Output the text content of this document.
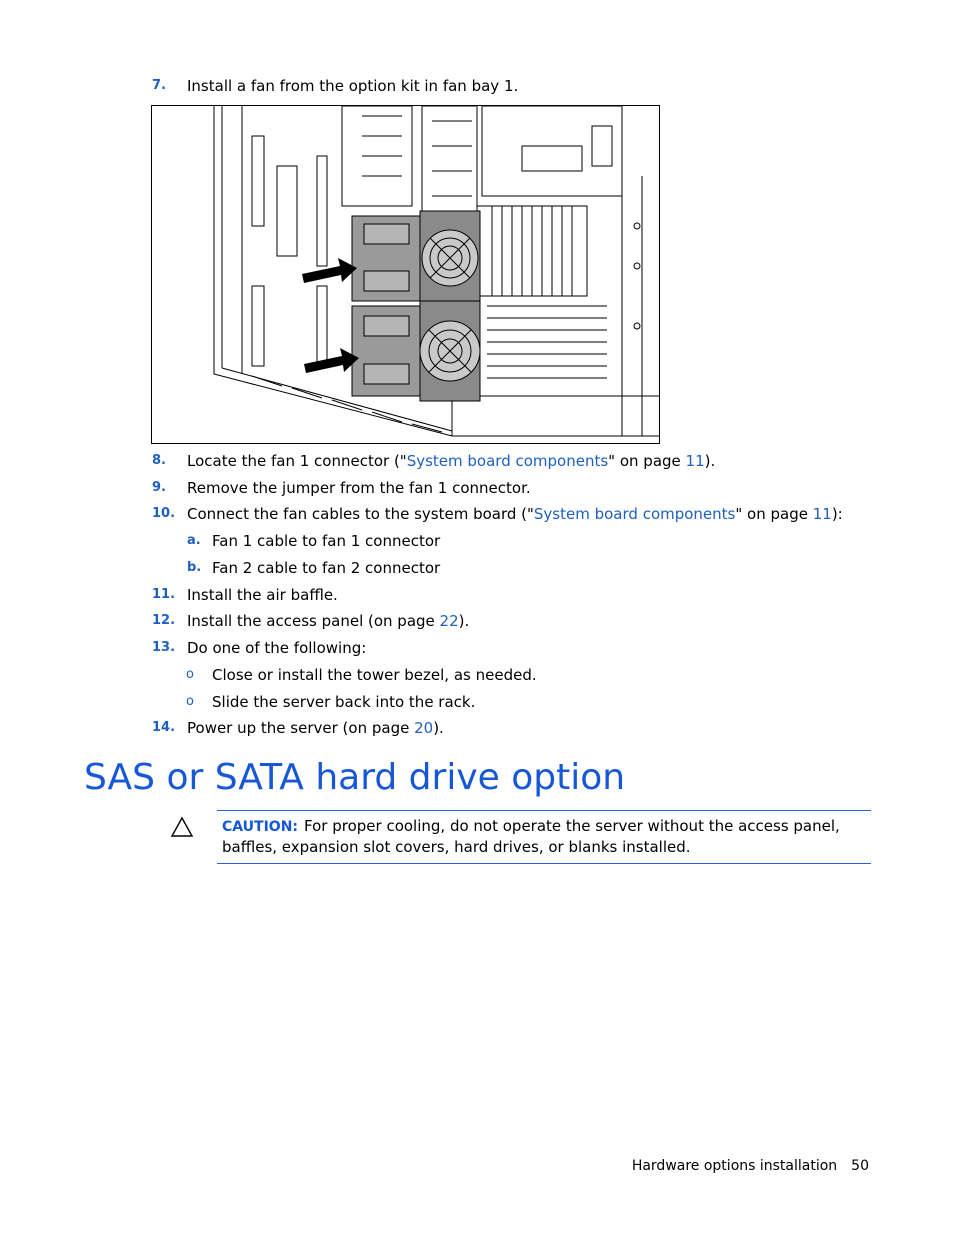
7. Install a fan from the option kit in fan bay 1.
8. Locate the fan 1 connector ("System board components" on page 11).
9. Remove the jumper from the fan 1 connector.
10. Connect the fan cables to the system board ("System board components" on page 11):
a. Fan 1 cable to fan 1 connector
b. Fan 2 cable to fan 2 connector
11. Install the air baffle.
12. Install the access panel (on page 22).
13. Do one of the following:
o Close or install the tower bezel, as needed.
o Slide the server back into the rack.
14. Power up the server (on page 20).
SAS or SATA hard drive option
CAUTION: For proper cooling, do not operate the server without the access panel, baffles, expansion slot covers, hard drives, or blanks installed.
Hardware options installation 50
